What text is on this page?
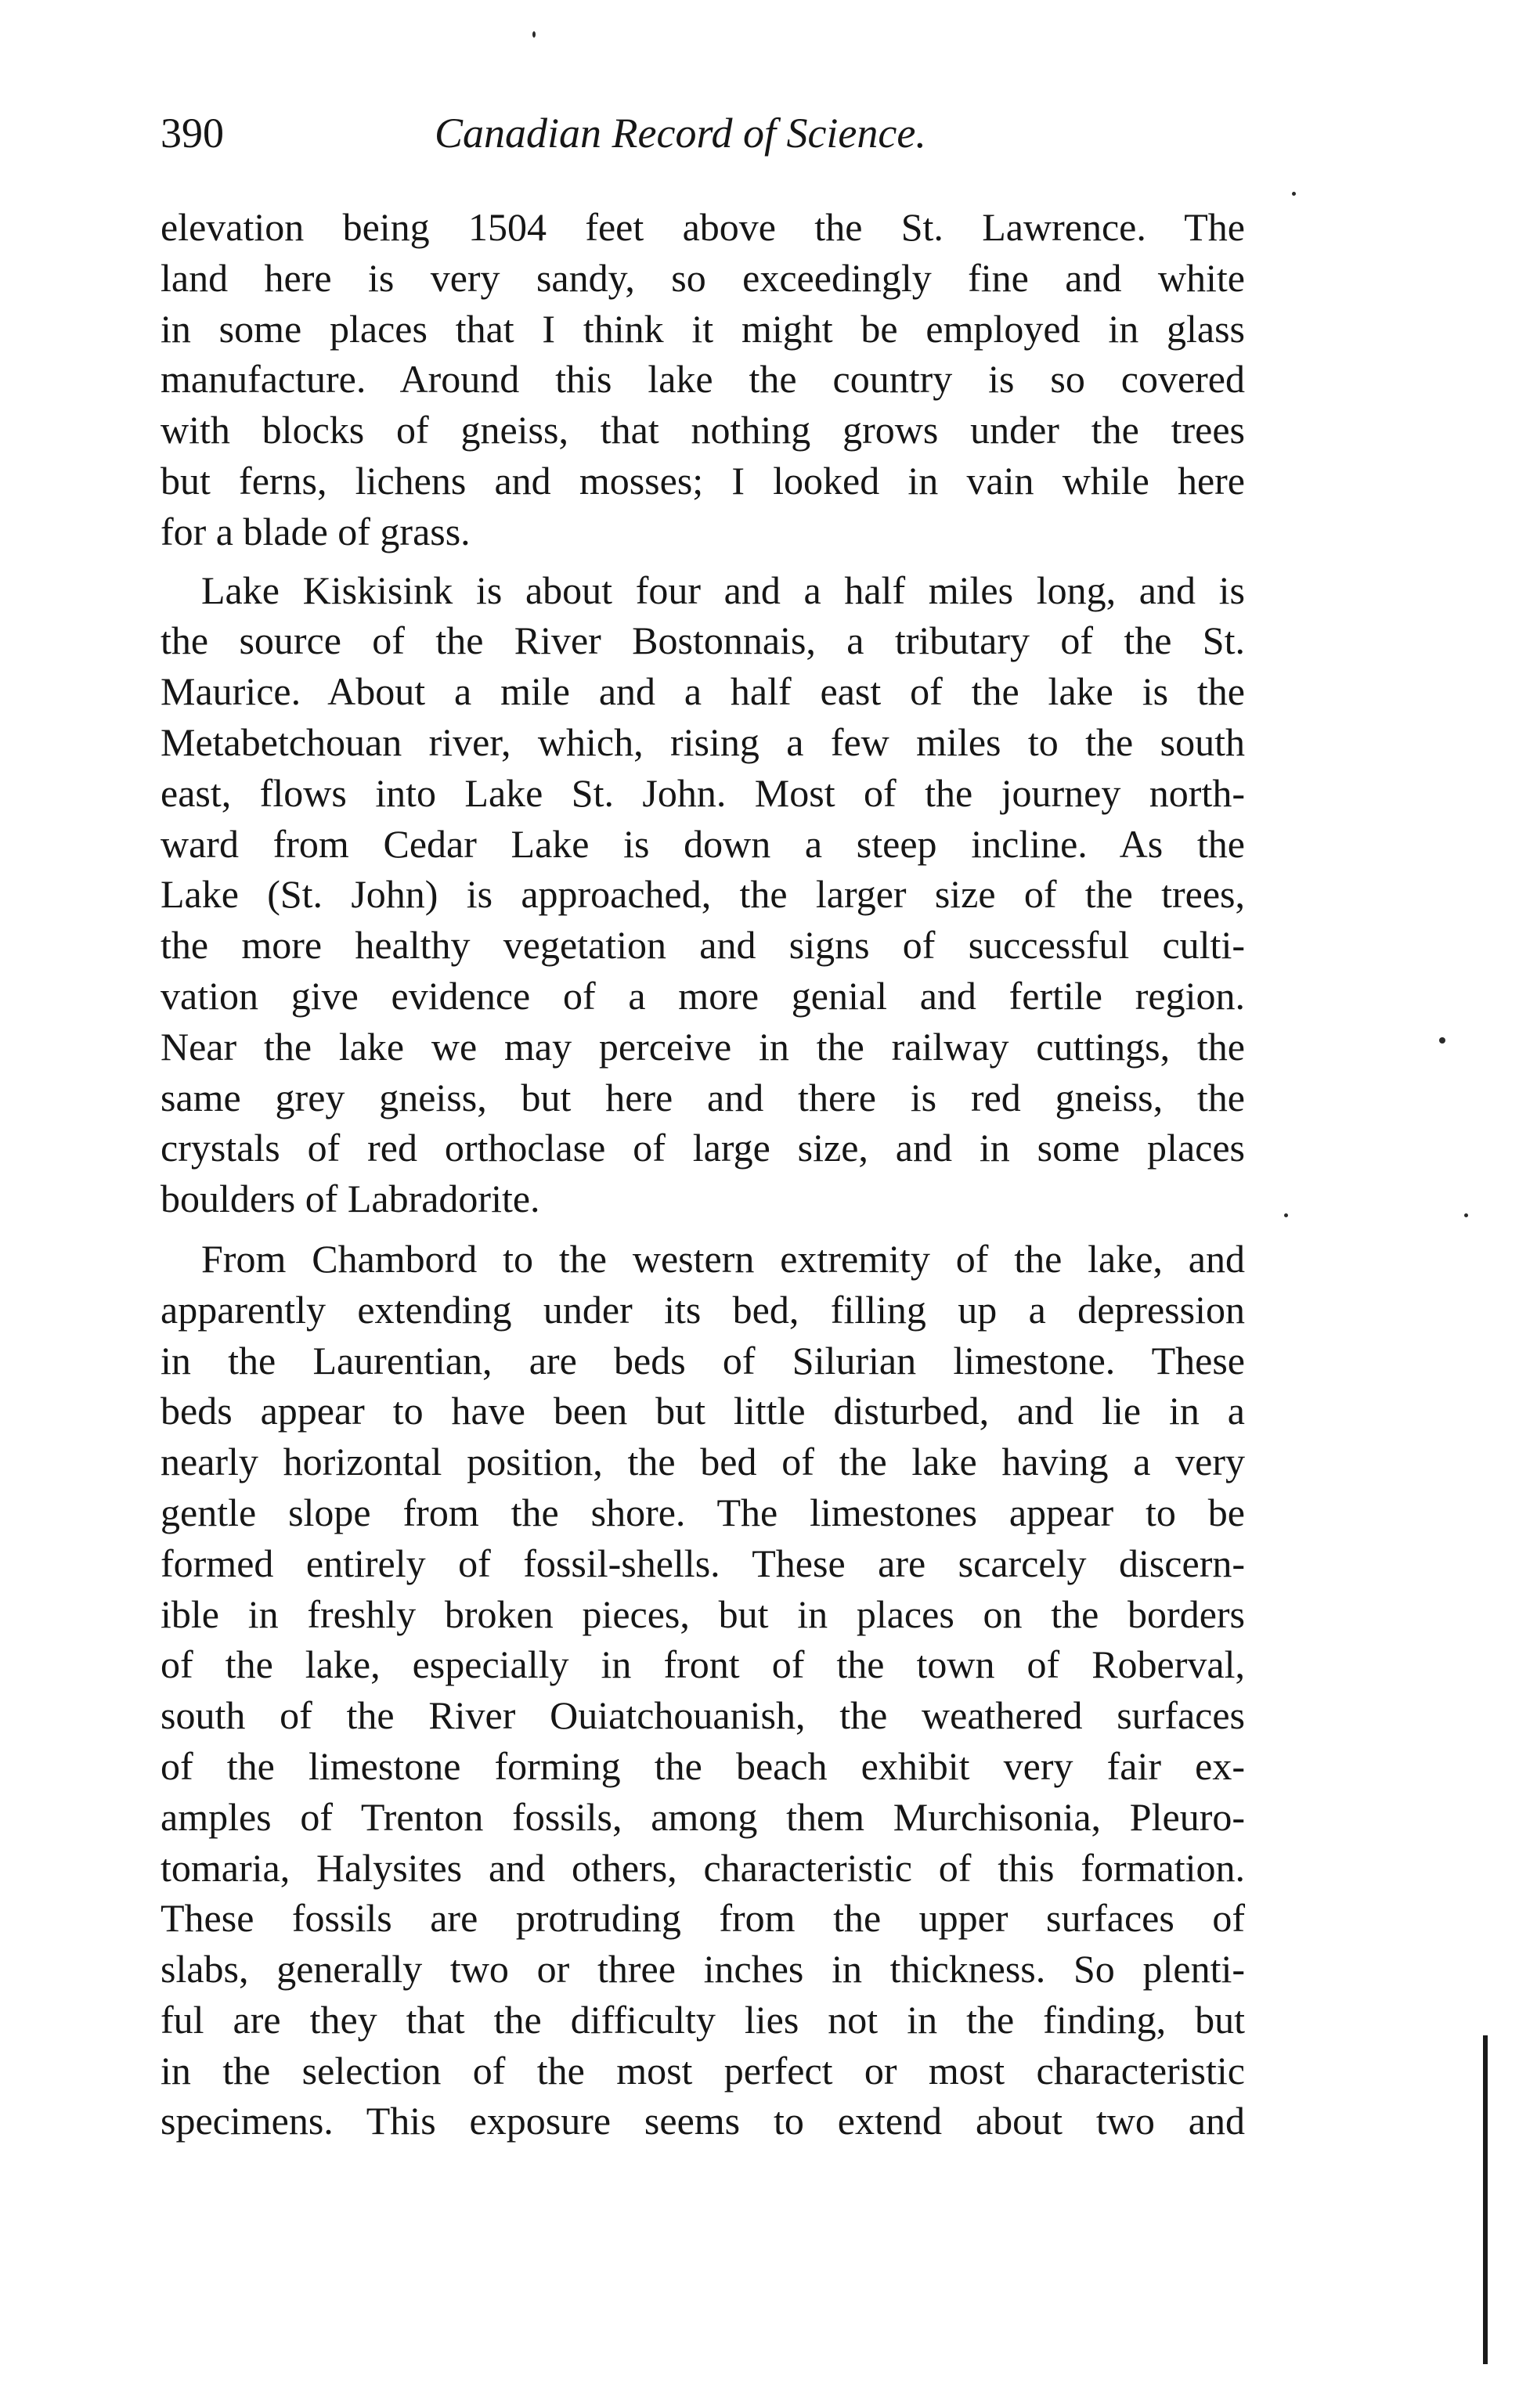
390	Canadian Record of Science.
elevation being 1504 feet above the St. Lawrence. The
land here is very sandy, so exceedingly fine and white
in some places that I think it might be employed in glass
manufacture. Around this lake the country is so covered
with blocks of gneiss, that nothing grows under the trees
but ferns, lichens and mosses; I looked in vain while here
for a blade of grass.
Lake Kiskisink is about four and a half miles long, and is
the source of the River Bostonnais, a tributary of the St.
Maurice. About a mile and a half east of the lake is the
Metabetchouan river, which, rising a few miles to the south
east, flows into Lake St. John. Most of the journey north-
ward from Cedar Lake is down a steep incline. As the
Lake (St. John) is approached, the larger size of the trees,
the more healthy vegetation and signs of successful culti-
vation give evidence of a more genial and fertile region.
Near the lake we may perceive in the railway cuttings, the
same grey gneiss, but here and there is red gneiss, the
crystals of red orthoclase of large size, and in some places
boulders of Labradorite.
From Chambord to the western extremity of the lake, and
apparently extending under its bed, filling up a depression
in the Laurentian, are beds of Silurian limestone. These
beds appear to have been but little disturbed, and lie in a
nearly horizontal position, the bed of the lake having a very
gentle slope from the shore. The limestones appear to be
formed entirely of fossil-shells. These are scarcely discern-
ible in freshly broken pieces, but in places on the borders
of the lake, especially in front of the town of Roberval,
south of the River Ouiatchouanish, the weathered surfaces
of the limestone forming the beach exhibit very fair ex-
amples of Trenton fossils, among them Murchisonia, Pleuro-
tomaria, Halysites and others, characteristic of this formation.
These fossils are protruding from the upper surfaces of
slabs, generally two or three inches in thickness. So plenti-
ful are they that the difficulty lies not in the finding, but
in the selection of the most perfect or most characteristic
specimens. This exposure seems to extend about two and
